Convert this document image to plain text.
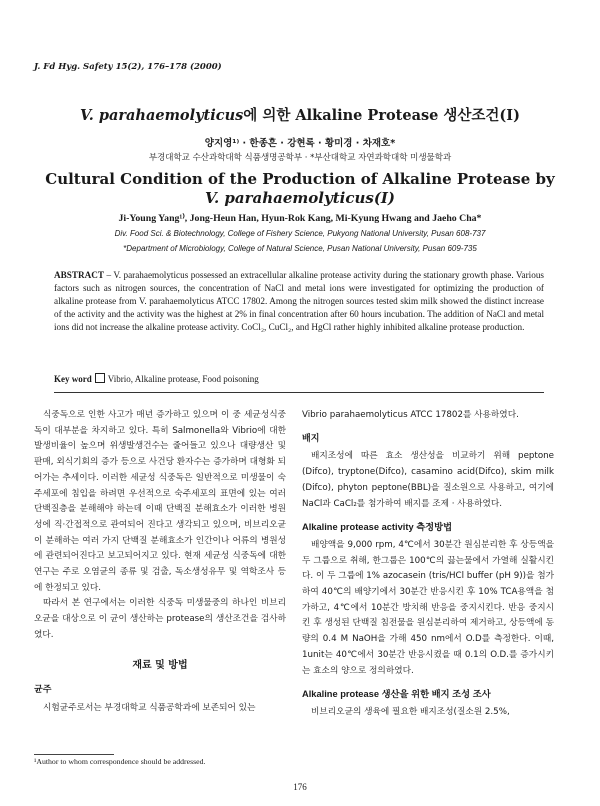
J. Fd Hyg. Safety 15(2), 176–178 (2000)
V. parahaemolyticus에 의한 Alkaline Protease 생산조건(Ⅰ)
양지영¹⁾ · 한종흔 · 강현록 · 황미경 · 차재호*
부경대학교 수산과학대학 식품생명공학부 · *부산대학교 자연과학대학 미생물학과
Cultural Condition of the Production of Alkaline Protease by
V. parahaemolyticus(Ⅰ)
Ji-Young Yang¹⁾, Jong-Heun Han, Hyun-Rok Kang, Mi-Kyung Hwang and Jaeho Cha*
Div. Food Sci. & Biotechnology, College of Fishery Science, Pukyong National University, Pusan 608-737
*Department of Microbiology, College of Natural Science, Pusan National University, Pusan 609-735
ABSTRACT – V. parahaemolyticus possessed an extracellular alkaline protease activity during the stationary growth phase. Various factors such as nitrogen sources, the concentration of NaCl and metal ions were investigated for optimizing the production of alkaline protease from V. parahaemolyticus ATCC 17802. Among the nitrogen sources tested skim milk showed the distinct increase of the activity and the activity was the highest at 2% in final concentration after 60 hours incubation. The addition of NaCl and metal ions did not increase the alkaline protease activity. CoCl₂, CuCl₂, and HgCl rather highly inhibited alkaline protease production.
Key word Vibrio, Alkaline protease, Food poisoning

식중독으로 인한 사고가 매년 증가하고 있으며 이 중 세균성식중독이 대부분을 차지하고 있다. 특히 Salmonella와 Vibrio에 대한 발생비율이 높으며 위생발생건수는 줄어들고 있으나 대량생산 및 판매, 외식기회의 증가 등으로 사건당 환자수는 증가하며 대형화 되어가는 추세이다. 이러한 세균성 식중독은 일반적으로 미생물이 숙주세포에 침입을 하려면 우선적으로 숙주세포의 표면에 있는 여러 단백질층을 분해해야 하는데 이때 단백질 분해효소가 이러한 병원성에 직·간접적으로 관여되어 진다고 생각되고 있으며, 비브리오균이 분해하는 여러 가지 단백질 분해효소가 인간이나 어류의 병원성에 관련되어진다고 보고되어지고 있다. 현재 세균성 식중독에 대한 연구는 주로 오염균의 종류 및 검출, 독소생성유무 및 역학조사 등에 한정되고 있다.

따라서 본 연구에서는 이러한 식중독 미생물중의 하나인 비브리오균을 대상으로 이 균이 생산하는 protease의 생산조건을 검사하였다.

재료 및 방법
균주

시험균주로서는 부경대학교 식품공학과에 보존되어 있는

Vibrio parahaemolyticus ATCC 17802를 사용하였다.

배지

배지조성에 따른 효소 생산성을 비교하기 위해 peptone (Difco), tryptone(Difco), casamino acid(Difco), skim milk (Difco), phyton peptone(BBL)을 질소원으로 사용하고, 여기에 NaCl과 CaCl₂를 첨가하여 배지를 조제 · 사용하였다.

Alkaline protease activity 측정방법

배양액을 9,000 rpm, 4℃에서 30분간 원심분리한 후 상등액을 두 그룹으로 취해, 한그룹은 100℃의 끓는물에서 가열해 실활시킨다. 이 두 그룹에 1% azocasein (tris/HCl buffer (pH 9))을 첨가하여 40℃의 배양기에서 30분간 반응시킨 후 10% TCA용액을 첨가하고, 4℃에서 10분간 방치해 반응을 중지시킨다. 반응 중지시킨 후 생성된 단백질 침전물을 원심분리하여 제거하고, 상등액에 동량의 0.4 M NaOH을 가해 450 nm에서 O.D를 측정한다. 이때, 1unit는 40℃에서 30분간 반응시켰을 때 0.1의 O.D.를 증가시키는 효소의 양으로 정의하였다.

Alkaline protease 생산을 위한 배지 조성 조사

비브리오균의 생육에 필요한 배지조성(질소원 2.5%,

¹Author to whom correspondence should be addressed.
176
